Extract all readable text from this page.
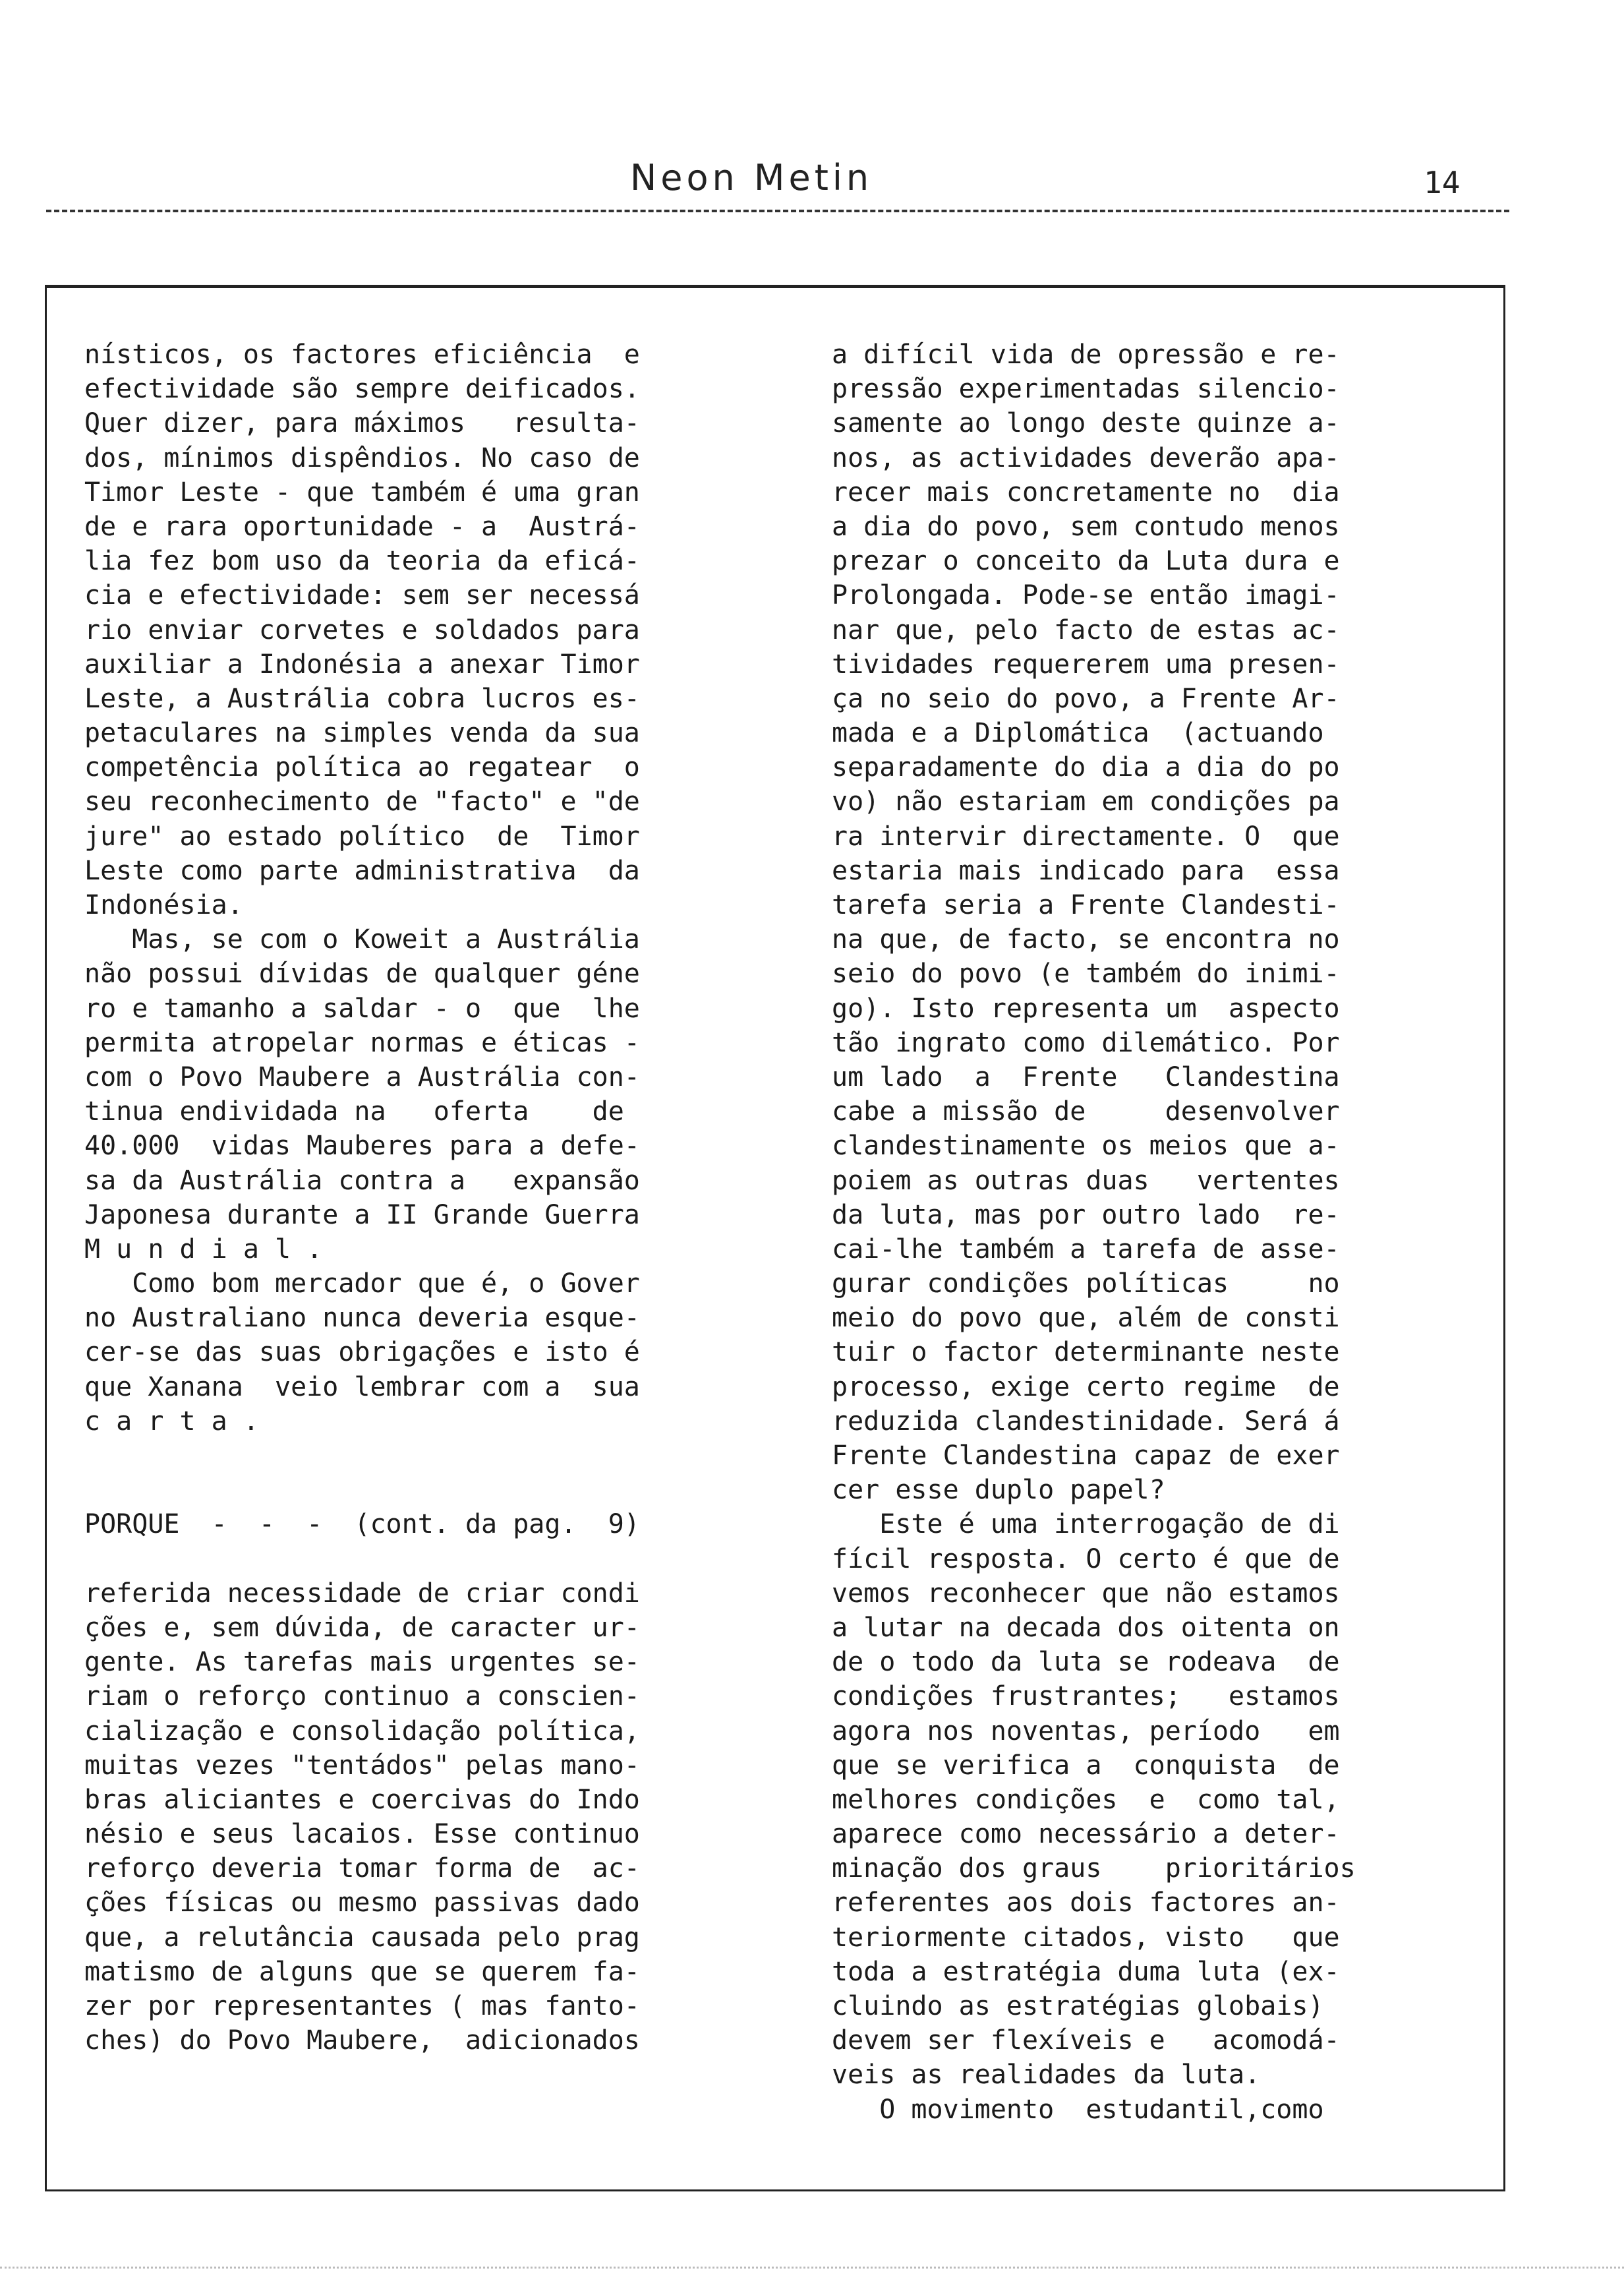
Neon Metin	14
nísticos, os factores eficiência  e
efectividade são sempre deificados.
Quer dizer, para máximos   resulta-
dos, mínimos dispêndios. No caso de
Timor Leste - que também é uma gran
de e rara oportunidade - a  Austrá-
lia fez bom uso da teoria da eficá-
cia e efectividade: sem ser necessá
rio enviar corvetes e soldados para
auxiliar a Indonésia a anexar Timor
Leste, a Austrália cobra lucros es-
petaculares na simples venda da sua
competência política ao regatear  o
seu reconhecimento de "facto" e "de
jure" ao estado político  de  Timor
Leste como parte administrativa  da
Indonésia.
Mas, se com o Koweit a Austrália
não possui dívidas de qualquer géne
ro e tamanho a saldar - o  que  lhe
permita atropelar normas e éticas -
com o Povo Maubere a Austrália con-
tinua endividada na   oferta    de
40.000  vidas Mauberes para a defe-
sa da Austrália contra a   expansão
Japonesa durante a II Grande Guerra
M u n d i a l .
Como bom mercador que é, o Gover
no Australiano nunca deveria esque-
cer-se das suas obrigações e isto é
que Xanana  veio lembrar com a  sua
c a r t a .
PORQUE  -  -  -  (cont. da pag.  9)
referida necessidade de criar condi
ções e, sem dúvida, de caracter ur-
gente. As tarefas mais urgentes se-
riam o reforço continuo a conscien-
cialização e consolidação política,
muitas vezes "tentádos" pelas mano-
bras aliciantes e coercivas do Indo
nésio e seus lacaios. Esse continuo
reforço deveria tomar forma de  ac-
ções físicas ou mesmo passivas dado
que, a relutância causada pelo prag
matismo de alguns que se querem fa-
zer por representantes ( mas fanto-
ches) do Povo Maubere,  adicionados
a difícil vida de opressão e re-
pressão experimentadas silencio-
samente ao longo deste quinze a-
nos, as actividades deverão apa-
recer mais concretamente no  dia
a dia do povo, sem contudo menos
prezar o conceito da Luta dura e
Prolongada. Pode-se então imagi-
nar que, pelo facto de estas ac-
tividades requererem uma presen-
ça no seio do povo, a Frente Ar-
mada e a Diplomática  (actuando
separadamente do dia a dia do po
vo) não estariam em condições pa
ra intervir directamente. O  que
estaria mais indicado para  essa
tarefa seria a Frente Clandesti-
na que, de facto, se encontra no
seio do povo (e também do inimi-
go). Isto representa um  aspecto
tão ingrato como dilemático. Por
um lado  a  Frente   Clandestina
cabe a missão de     desenvolver
clandestinamente os meios que a-
poiem as outras duas   vertentes
da luta, mas por outro lado  re-
cai-lhe também a tarefa de asse-
gurar condições políticas     no
meio do povo que, além de consti
tuir o factor determinante neste
processo, exige certo regime  de
reduzida clandestinidade. Será á
Frente Clandestina capaz de exer
cer esse duplo papel?
Este é uma interrogação de di
fícil resposta. O certo é que de
vemos reconhecer que não estamos
a lutar na decada dos oitenta on
de o todo da luta se rodeava  de
condições frustrantes;   estamos
agora nos noventas, período   em
que se verifica a  conquista  de
melhores condições  e  como tal,
aparece como necessário a deter-
minação dos graus    prioritários
referentes aos dois factores an-
teriormente citados, visto   que
toda a estratégia duma luta (ex-
cluindo as estratégias globais)
devem ser flexíveis e   acomodá-
veis as realidades da luta.
O movimento  estudantil,como
